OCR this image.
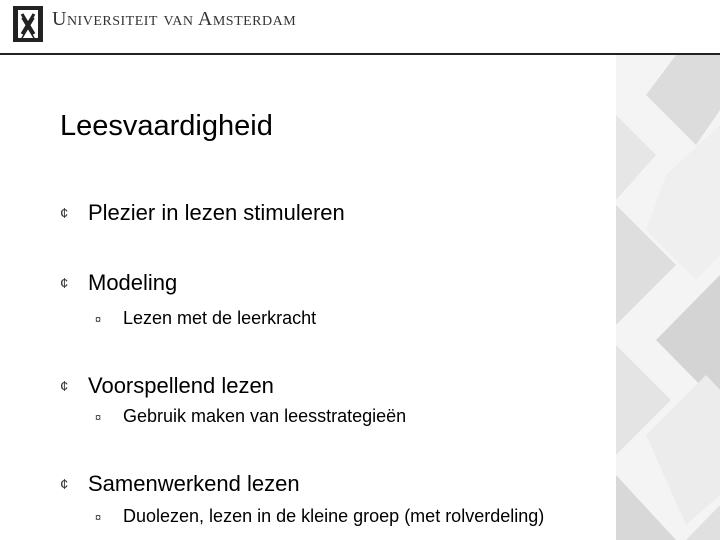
Universiteit van Amsterdam
Leesvaardigheid
¢ Plezier in lezen stimuleren
¢ Modeling
¤ Lezen met de leerkracht
¢ Voorspellend lezen
¤ Gebruik maken van leesstrategieën
¢ Samenwerkend lezen
¤ Duolezen, lezen in de kleine groep (met rolverdeling)
